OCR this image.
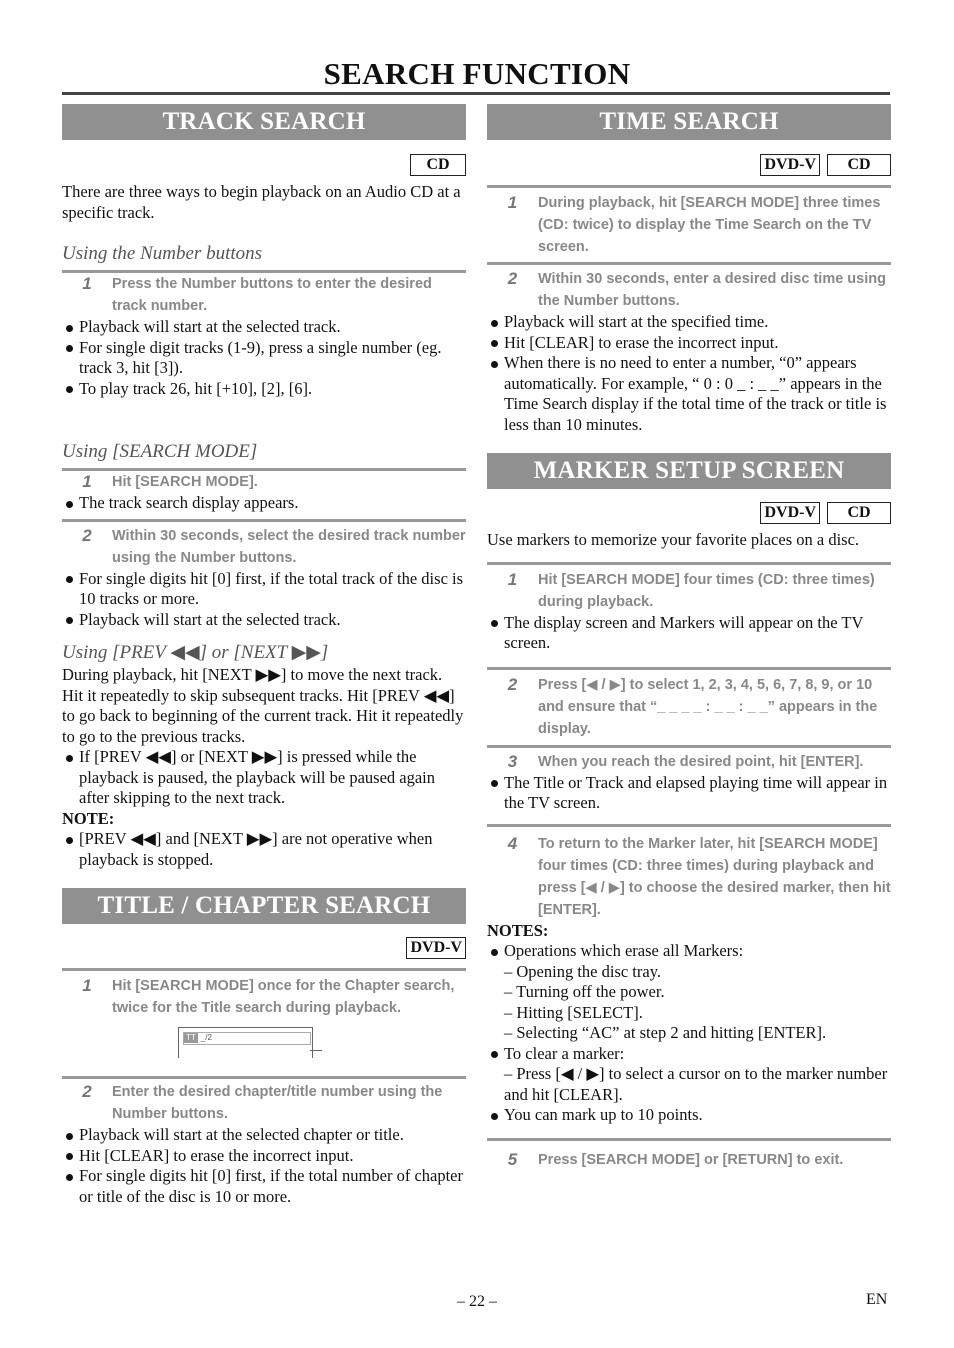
SEARCH FUNCTION
TRACK SEARCH
CD

There are three ways to begin playback on an Audio CD at a specific track.

Using the Number buttons

1	Press the Number buttons to enter the desired track number.
Playback will start at the selected track.
For single digit tracks (1-9), press a single number (eg. track 3, hit [3]).
To play track 26, hit [+10], [2], [6].

Using [SEARCH MODE]

1	Hit [SEARCH MODE].
The track search display appears.
2	Within 30 seconds, select the desired track number using the Number buttons.
For single digits hit [0] first, if the total track of the disc is 10 tracks or more.
Playback will start at the selected track.

Using [PREV ◀◀] or [NEXT ▶▶]

During playback, hit [NEXT ▶▶] to move the next track. Hit it repeatedly to skip subsequent tracks. Hit [PREV ◀◀] to go back to beginning of the current track. Hit it repeatedly to go to the previous tracks.

If [PREV ◀◀] or [NEXT ▶▶] is pressed while the playback is paused, the playback will be paused again after skipping to the next track.

NOTE:

[PREV ◀◀] and [NEXT ▶▶] are not operative when playback is stopped.
TITLE / CHAPTER SEARCH
DVD-V
1	Hit [SEARCH MODE] once for the Chapter search, twice for the Title search during playback.
TT _/2
2	Enter the desired chapter/title number using the Number buttons.
Playback will start at the selected chapter or title.
Hit [CLEAR] to erase the incorrect input.
For single digits hit [0] first, if the total number of chapter or title of the disc is 10 or more.
TIME SEARCH
DVD-V	CD
1	During playback, hit [SEARCH MODE] three times (CD: twice) to display the Time Search on the TV screen.
2	Within 30 seconds, enter a desired disc time using the Number buttons.
Playback will start at the specified time.
Hit [CLEAR] to erase the incorrect input.
When there is no need to enter a number, “0” appears automatically. For example, “ 0 : 0 _ : _ _” appears in the Time Search display if the total time of the track or title is less than 10 minutes.
MARKER SETUP SCREEN
DVD-V	CD

Use markers to memorize your favorite places on a disc.

1	Hit [SEARCH MODE] four times (CD: three times) during playback.
The display screen and Markers will appear on the TV screen.
2	Press [◀ / ▶] to select 1, 2, 3, 4, 5, 6, 7, 8, 9, or 10 and ensure that “_ _ _ _ : _ _ : _ _” appears in the display.
3	When you reach the desired point, hit [ENTER].
The Title or Track and elapsed playing time will appear in the TV screen.
4	To return to the Marker later, hit [SEARCH MODE] four times (CD: three times) during playback and press [◀ / ▶] to choose the desired marker, then hit [ENTER].

NOTES:

Operations which erase all Markers:
– Opening the disc tray.
– Turning off the power.
– Hitting [SELECT].
– Selecting “AC” at step 2 and hitting [ENTER].
To clear a marker:
– Press [◀ / ▶] to select a cursor on to the marker number and hit [CLEAR].
You can mark up to 10 points.
5	Press [SEARCH MODE] or [RETURN] to exit.
– 22 –	EN
